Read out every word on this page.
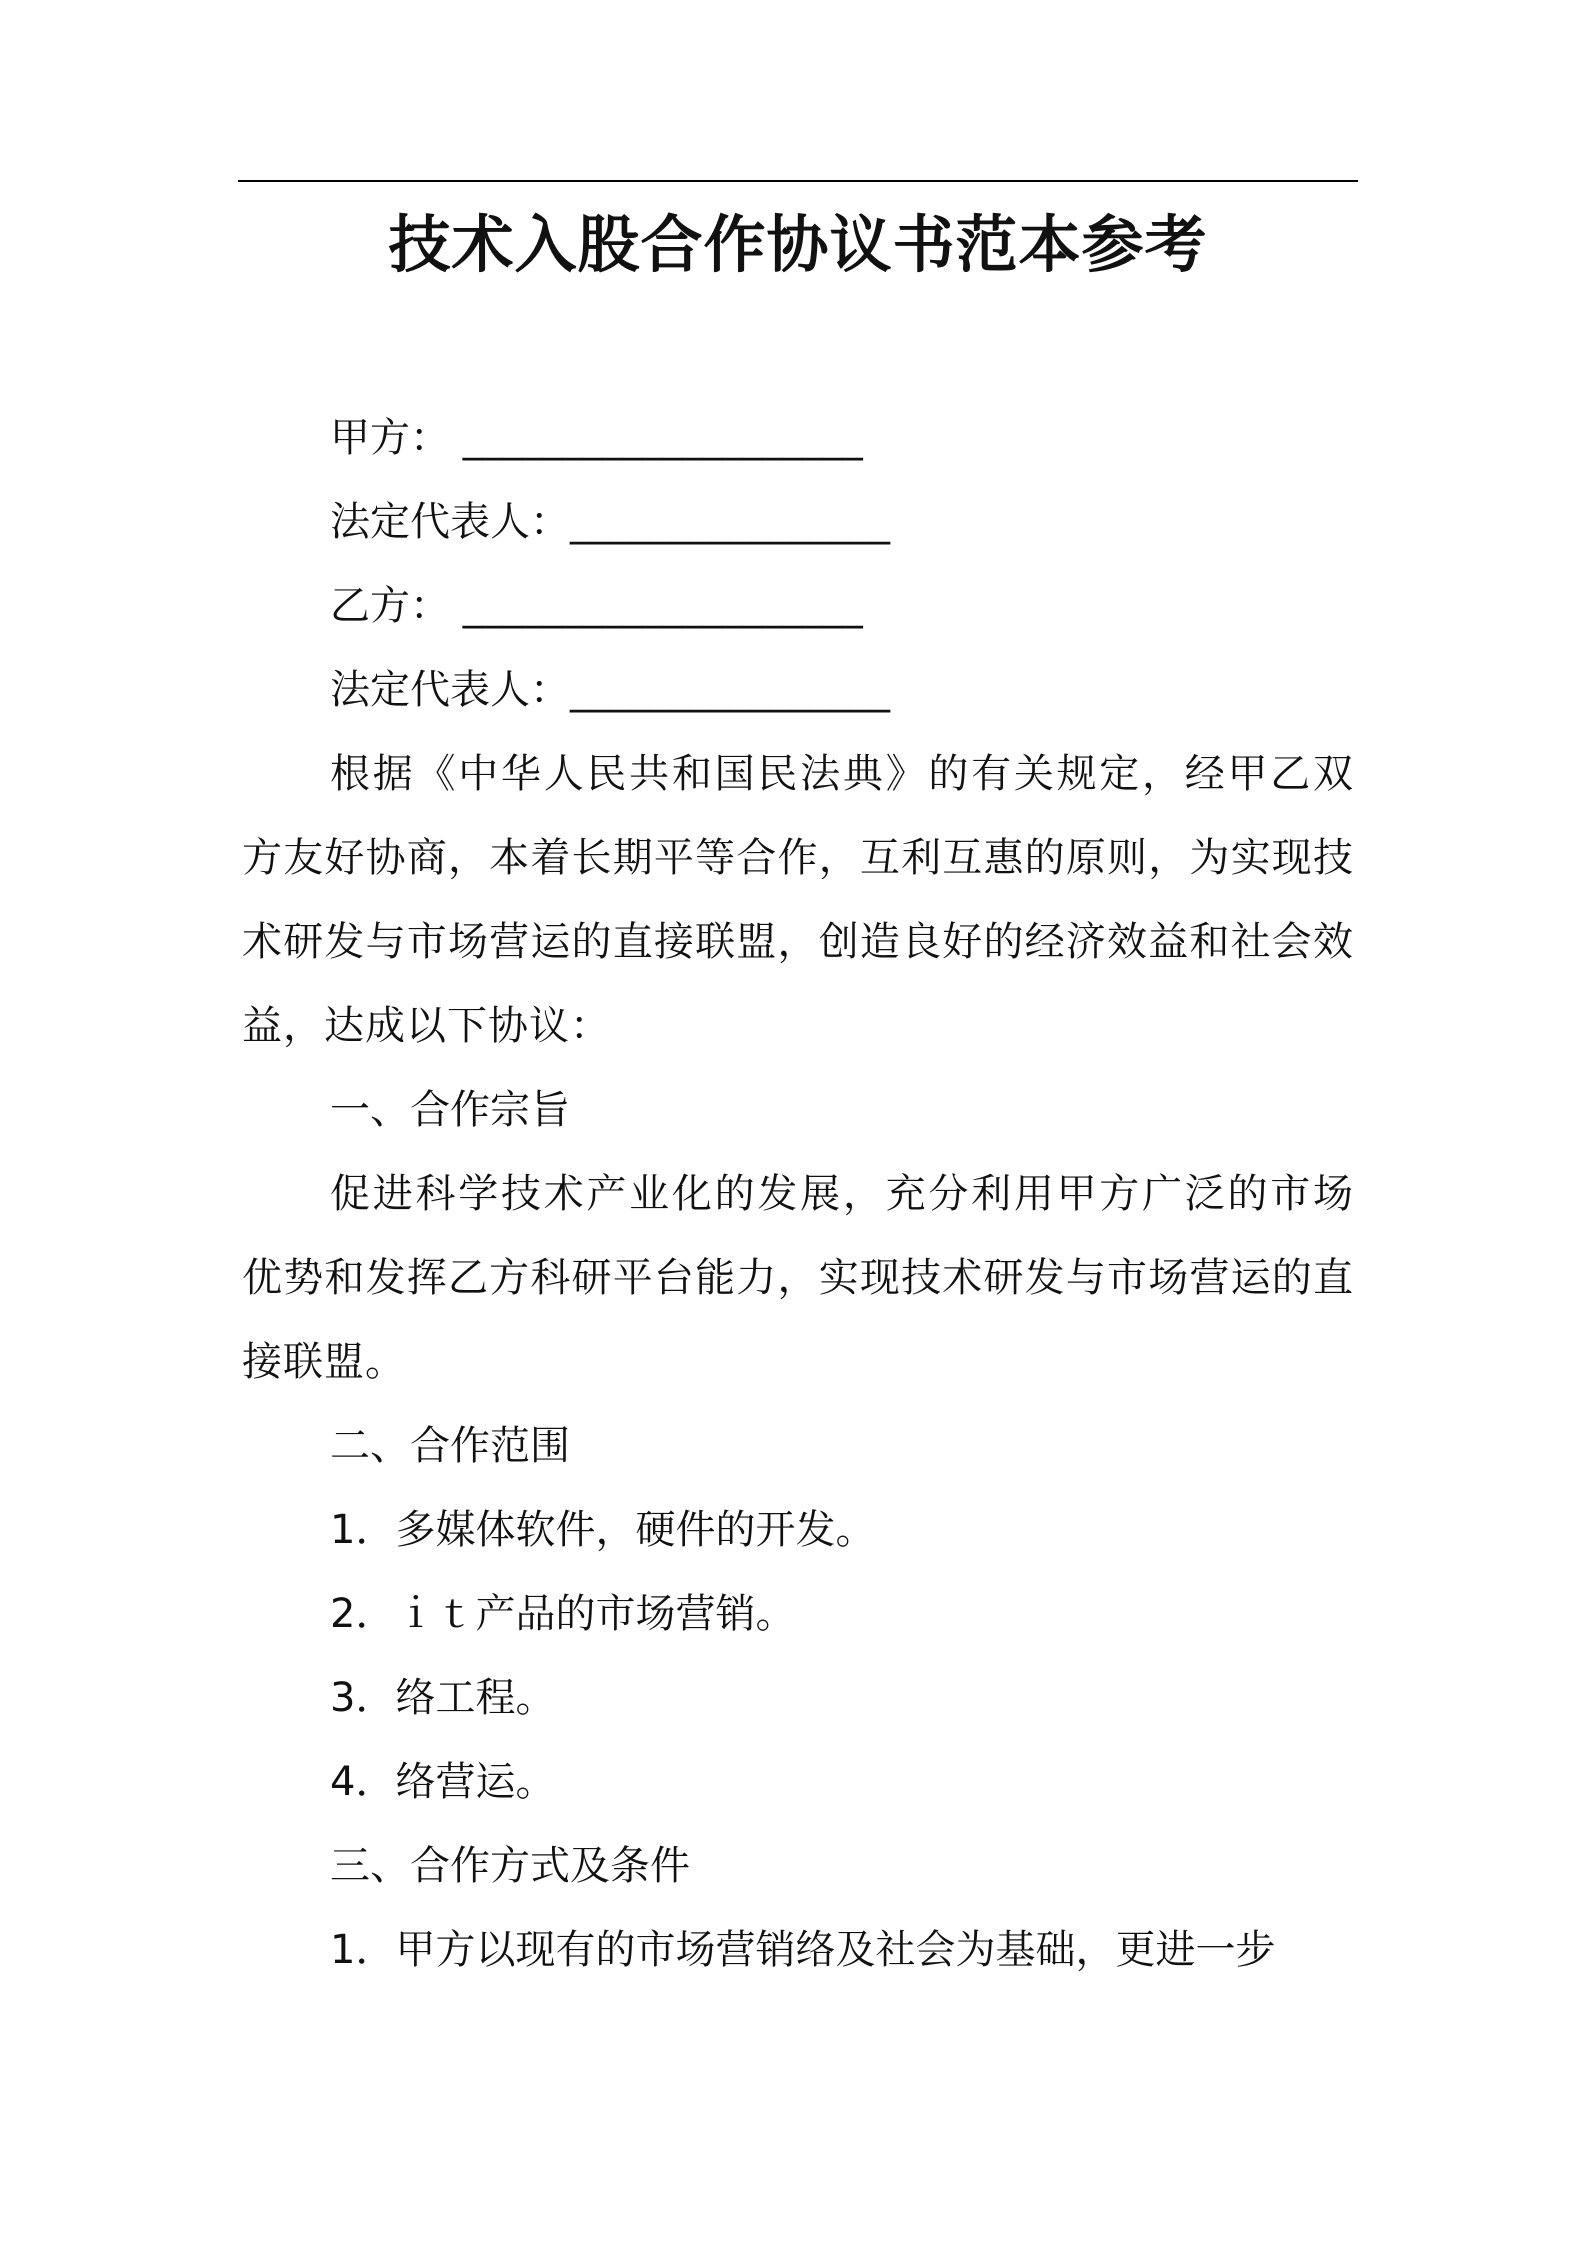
技术入股合作协议书范本参考
甲方： ____________________
法定代表人：________________
乙方： ____________________
法定代表人：________________
根据《中华人民共和国民法典》的有关规定，经甲乙双方友好协商，本着长期平等合作，互利互惠的原则，为实现技术研发与市场营运的直接联盟，创造良好的经济效益和社会效益，达成以下协议：
一、合作宗旨
促进科学技术产业化的发展，充分利用甲方广泛的市场优势和发挥乙方科研平台能力，实现技术研发与市场营运的直接联盟。
二、合作范围
1．多媒体软件，硬件的开发。
2．ｉｔ产品的市场营销。
3．络工程。
4．络营运。
三、合作方式及条件
1．甲方以现有的市场营销络及社会为基础，更进一步
